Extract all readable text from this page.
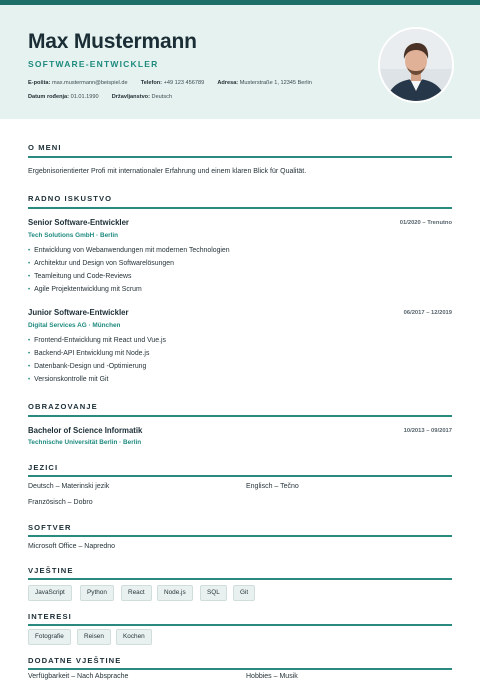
Max Mustermann
SOFTWARE-ENTWICKLER
E-pošta: max.mustermann@beispiel.de Telefon: +49 123 456789 Adresa: Musterstraße 1, 12345 Berlin
Datum rođenja: 01.01.1990 Državljanstvo: Deutsch
O MENI
Ergebnisorientierter Profi mit internationaler Erfahrung und einem klaren Blick für Qualität.
RADNO ISKUSTVO
Senior Software-Entwickler	01/2020 – Trenutno
Tech Solutions GmbH · Berlin
• Entwicklung von Webanwendungen mit modernen Technologien
• Architektur und Design von Softwarelösungen
• Teamleitung und Code-Reviews
• Agile Projektentwicklung mit Scrum
Junior Software-Entwickler	06/2017 – 12/2019
Digital Services AG · München
• Frontend-Entwicklung mit React und Vue.js
• Backend-API Entwicklung mit Node.js
• Datenbank-Design und -Optimierung
• Versionskontrolle mit Git
OBRAZOVANJE
Bachelor of Science Informatik	10/2013 – 09/2017
Technische Universität Berlin · Berlin
JEZICI
Deutsch – Materinski jezik	Englisch – Tečno
Französisch – Dobro
SOFTVER
Microsoft Office – Napredno
VJEŠTINE
JavaScript	Python	React	Node.js	SQL	Git
INTERESI
Fotografie	Reisen	Kochen
DODATNE VJEŠTINE
Verfügbarkeit – Nach Absprache	Hobbies – Musik
